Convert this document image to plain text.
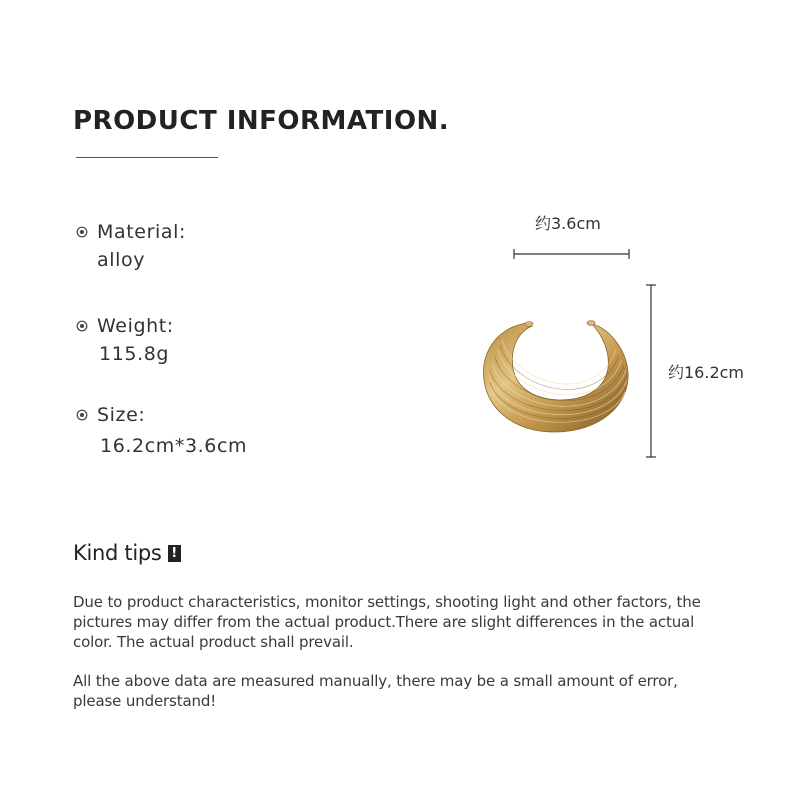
PRODUCT INFORMATION.
Material:
alloy
Weight:
115.8g
Size:
16.2cm*3.6cm
约3.6cm
约16.2cm
Kind tips !
Due to product characteristics, monitor settings, shooting light and other factors, the pictures may differ from the actual product.There are slight differences in the actual color. The actual product shall prevail.
All the above data are measured manually, there may be a small amount of error, please understand!
